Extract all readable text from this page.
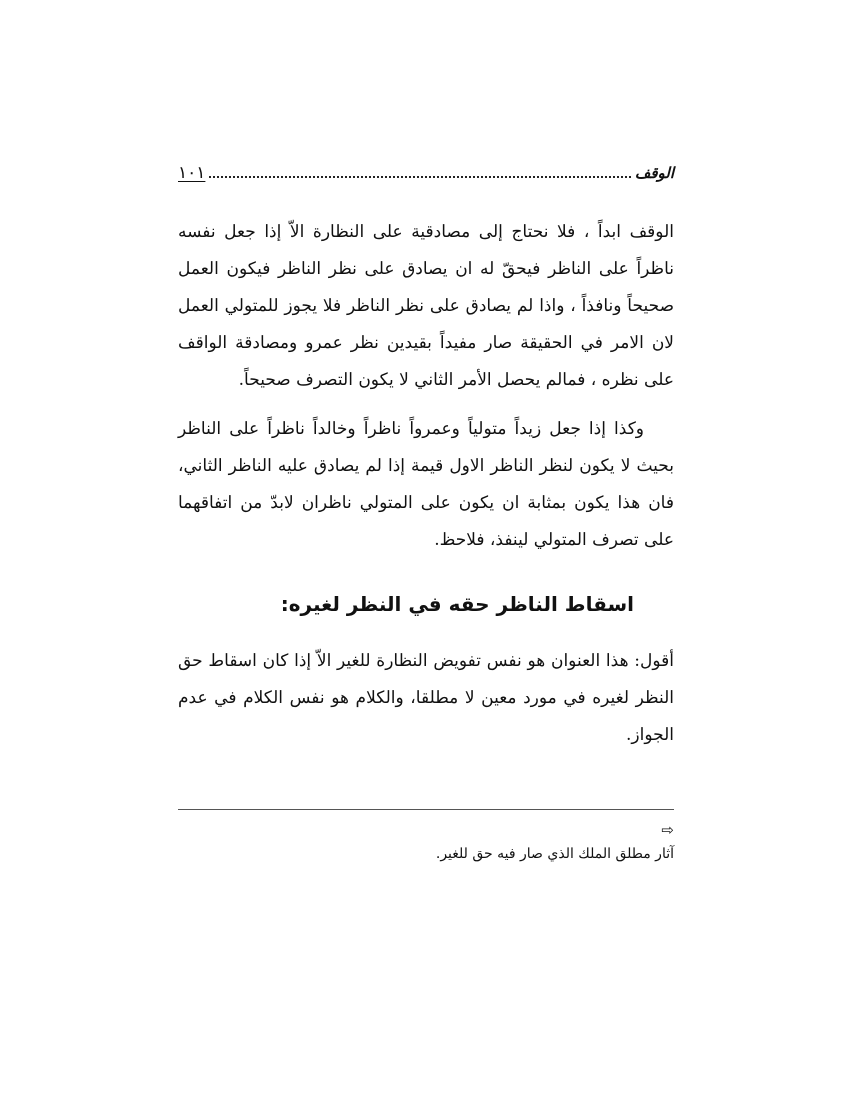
الوقف
١٠١

الوقف ابداً ، فلا نحتاج إلى مصادقية على النظارة الاّ إذا جعل نفسه ناظراً على الناظر فيحقّ له ان يصادق على نظر الناظر فيكون العمل صحيحاً ونافذاً ، واذا لم يصادق على نظر الناظر فلا يجوز للمتولي العمل لان الامر في الحقيقة صار مفيداً بقيدين نظر عمرو ومصادقة الواقف على نظره ، فمالم يحصل الأمر الثاني لا يكون التصرف صحيحاً.

وكذا إذا جعل زيداً متولياً وعمرواً ناظراً وخالداً ناظراً على الناظر بحيث لا يكون لنظر الناظر الاول قيمة إذا لم يصادق عليه الناظر الثاني، فان هذا يكون بمثابة ان يكون على المتولي ناظران لابدّ من اتفاقهما على تصرف المتولي لينفذ، فلاحظ.

اسقاط الناظر حقه في النظر لغيره:

أقول: هذا العنوان هو نفس تفويض النظارة للغير الاّ إذا كان اسقاط حق النظر لغيره في مورد معين لا مطلقا، والكلام هو نفس الكلام في عدم الجواز.

⇨
آثار مطلق الملك الذي صار فيه حق للغير.
